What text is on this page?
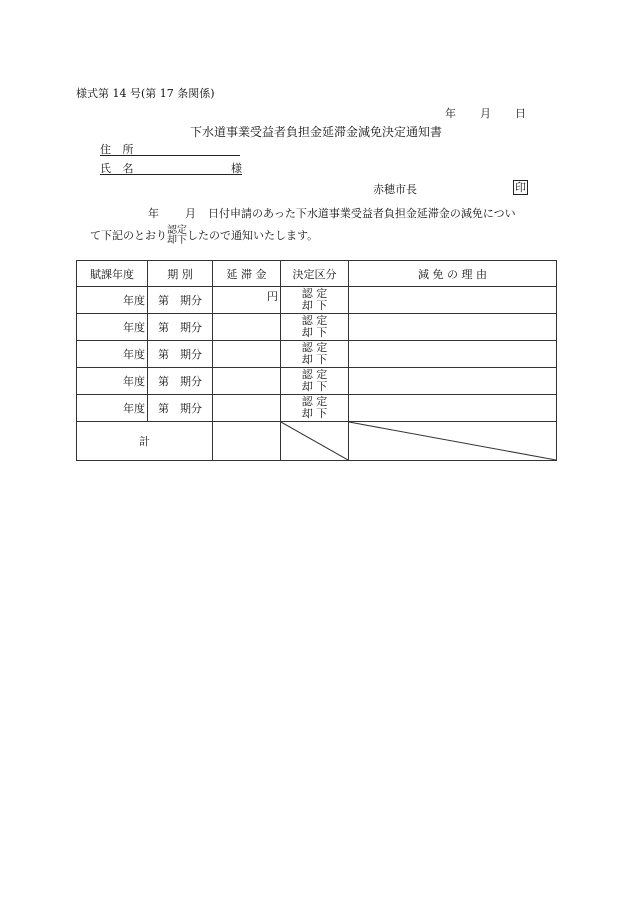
様式第 14 号(第 17 条関係)
年 月 日
下水道事業受益者負担金延滞金減免決定通知書
住 所
氏 名	様
赤穂市長	印
年 月 日付申請のあった下水道事業受益者負担金延滞金の減免につい
て下記のとおり 認定
却下 したので通知いたします。
賦課年度	期 別	延 滞 金	決定区分	減 免 の 理 由
年度	第　 期分	円	認 定
却 下	

年度	第　 期分		認 定
却 下	

年度	第　 期分		認 定
却 下	

年度	第　 期分		認 定
却 下	

年度	第　 期分		認 定
却 下	

計		
